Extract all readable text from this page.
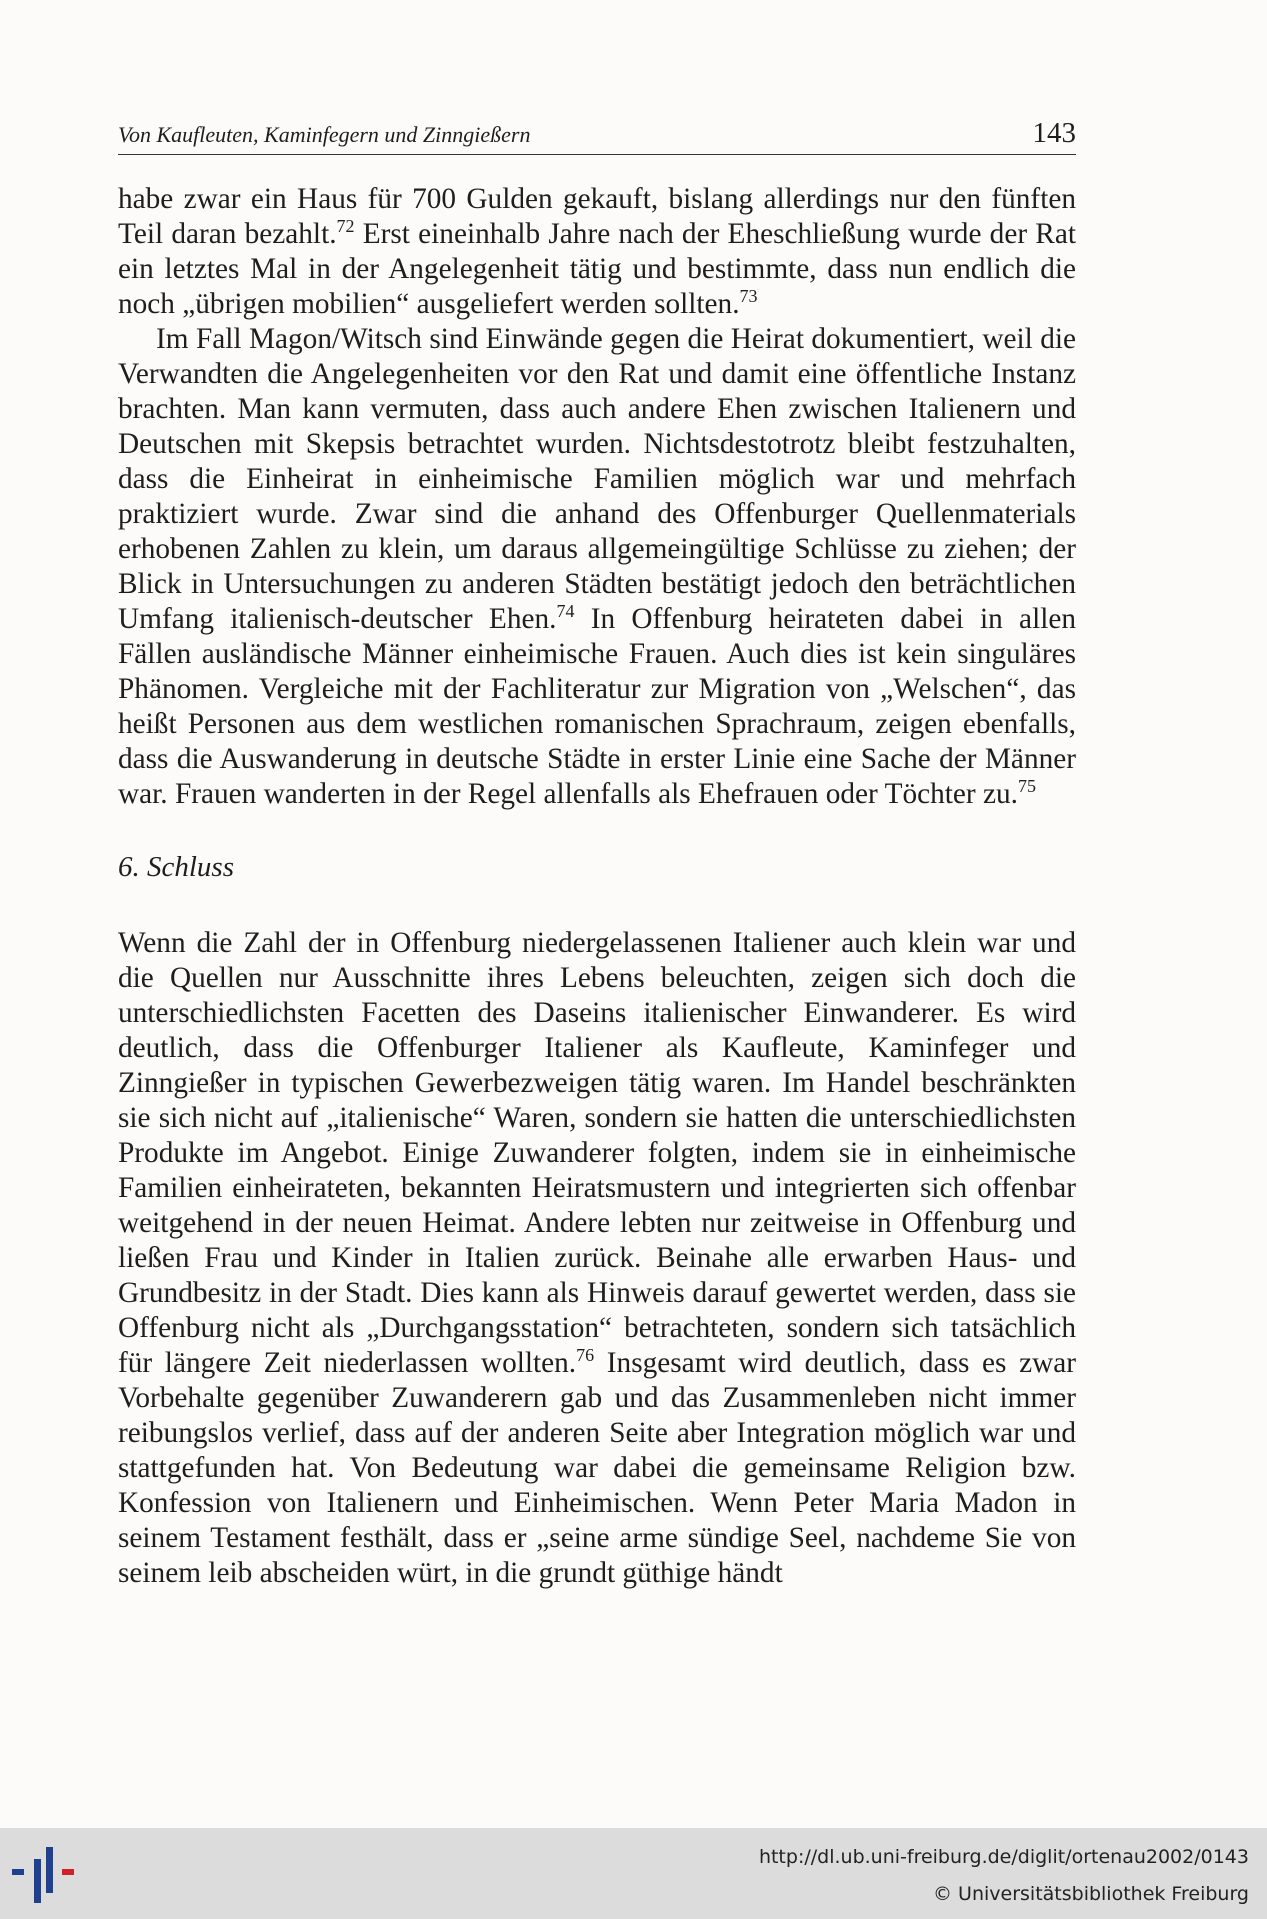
Von Kaufleuten, Kaminfegern und Zinngießern	143

habe zwar ein Haus für 700 Gulden gekauft, bislang allerdings nur den fünften Teil daran bezahlt.$^{72}$ Erst eineinhalb Jahre nach der Eheschließung wurde der Rat ein letztes Mal in der Angelegenheit tätig und bestimmte, dass nun endlich die noch „übrigen mobilien“ ausgeliefert werden sollten.$^{73}$

Im Fall Magon/Witsch sind Einwände gegen die Heirat dokumentiert, weil die Verwandten die Angelegenheiten vor den Rat und damit eine öffentliche Instanz brachten. Man kann vermuten, dass auch andere Ehen zwischen Italienern und Deutschen mit Skepsis betrachtet wurden. Nichtsdestotrotz bleibt festzuhalten, dass die Einheirat in einheimische Familien möglich war und mehrfach praktiziert wurde. Zwar sind die anhand des Offenburger Quellenmaterials erhobenen Zahlen zu klein, um daraus allgemeingültige Schlüsse zu ziehen; der Blick in Untersuchungen zu anderen Städten bestätigt jedoch den beträchtlichen Umfang italienisch-deutscher Ehen.$^{74}$ In Offenburg heirateten dabei in allen Fällen ausländische Männer einheimische Frauen. Auch dies ist kein singuläres Phänomen. Vergleiche mit der Fachliteratur zur Migration von „Welschen“, das heißt Personen aus dem westlichen romanischen Sprachraum, zeigen ebenfalls, dass die Auswanderung in deutsche Städte in erster Linie eine Sache der Männer war. Frauen wanderten in der Regel allenfalls als Ehefrauen oder Töchter zu.$^{75}$

6. Schluss

Wenn die Zahl der in Offenburg niedergelassenen Italiener auch klein war und die Quellen nur Ausschnitte ihres Lebens beleuchten, zeigen sich doch die unterschiedlichsten Facetten des Daseins italienischer Einwanderer. Es wird deutlich, dass die Offenburger Italiener als Kaufleute, Kaminfeger und Zinngießer in typischen Gewerbezweigen tätig waren. Im Handel beschränkten sie sich nicht auf „italienische“ Waren, sondern sie hatten die unterschiedlichsten Produkte im Angebot. Einige Zuwanderer folgten, indem sie in einheimische Familien einheirateten, bekannten Heiratsmustern und integrierten sich offenbar weitgehend in der neuen Heimat. Andere lebten nur zeitweise in Offenburg und ließen Frau und Kinder in Italien zurück. Beinahe alle erwarben Haus- und Grundbesitz in der Stadt. Dies kann als Hinweis darauf gewertet werden, dass sie Offenburg nicht als „Durchgangsstation“ betrachteten, sondern sich tatsächlich für längere Zeit niederlassen wollten.$^{76}$ Insgesamt wird deutlich, dass es zwar Vorbehalte gegenüber Zuwanderern gab und das Zusammenleben nicht immer reibungslos verlief, dass auf der anderen Seite aber Integration möglich war und stattgefunden hat. Von Bedeutung war dabei die gemeinsame Religion bzw. Konfession von Italienern und Einheimischen. Wenn Peter Maria Madon in seinem Testament festhält, dass er „seine arme sündige Seel, nachdeme Sie von seinem leib abscheiden würt, in die grundt güthige händt

http://dl.ub.uni-freiburg.de/diglit/ortenau2002/0143
© Universitätsbibliothek Freiburg
